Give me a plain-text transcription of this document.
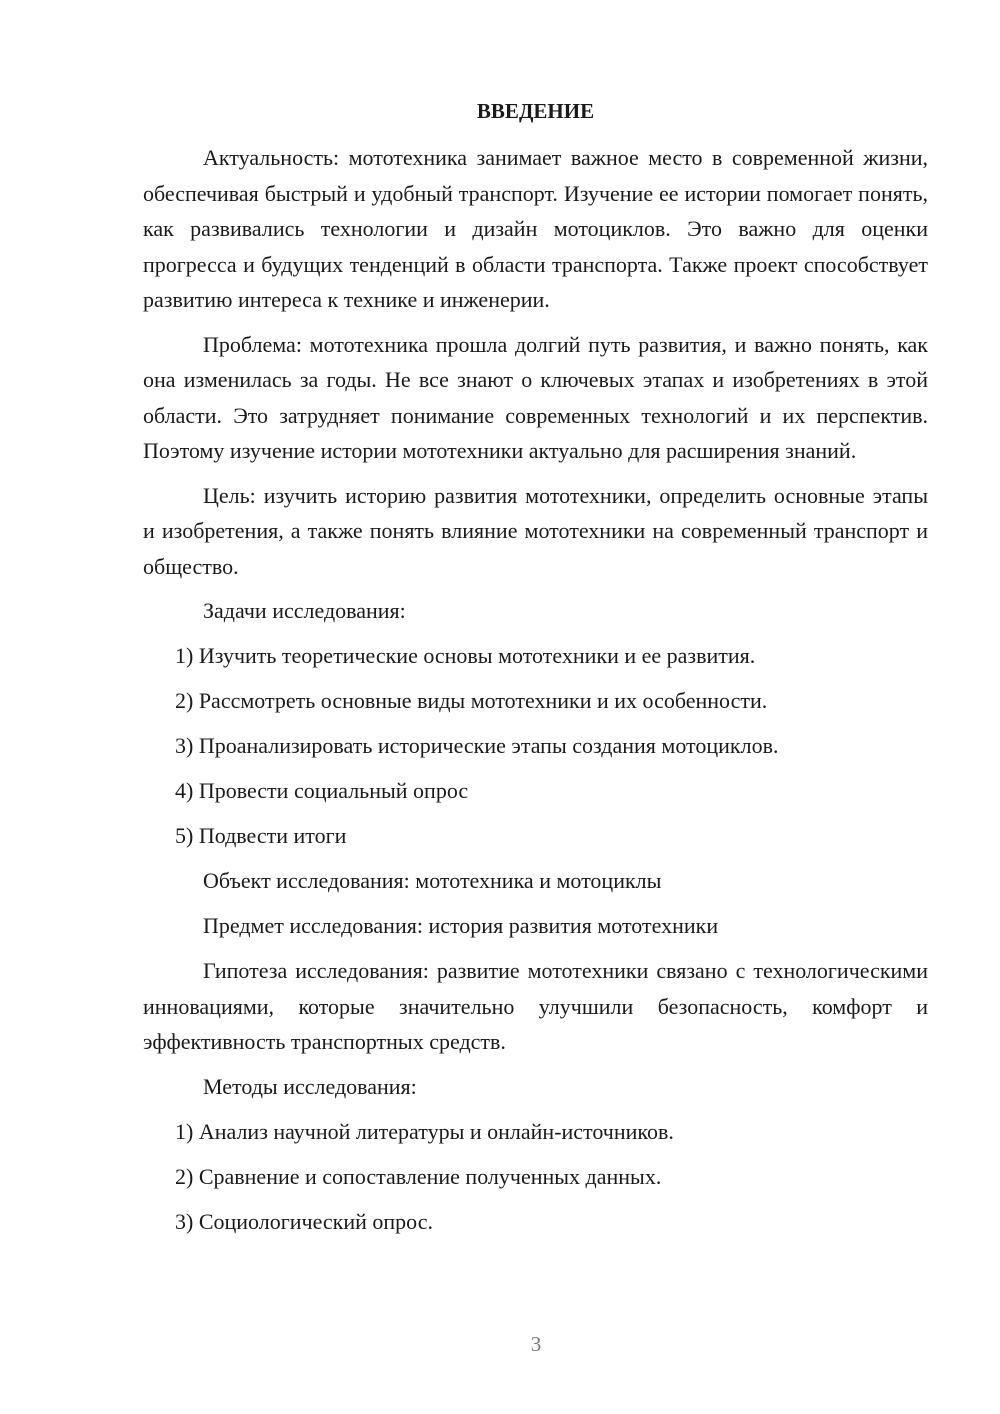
ВВЕДЕНИЕ

Актуальность: мототехника занимает важное место в современной жизни, обеспечивая быстрый и удобный транспорт. Изучение ее истории помогает понять, как развивались технологии и дизайн мотоциклов. Это важно для оценки прогресса и будущих тенденций в области транспорта. Также проект способствует развитию интереса к технике и инженерии.

Проблема: мототехника прошла долгий путь развития, и важно понять, как она изменилась за годы. Не все знают о ключевых этапах и изобретениях в этой области. Это затрудняет понимание современных технологий и их перспектив. Поэтому изучение истории мототехники актуально для расширения знаний.

Цель: изучить историю развития мототехники, определить основные этапы и изобретения, а также понять влияние мототехники на современный транспорт и общество.

Задачи исследования:
1) Изучить теоретические основы мототехники и ее развития.
2) Рассмотреть основные виды мототехники и их особенности.
3) Проанализировать исторические этапы создания мотоциклов.
4) Провести социальный опрос
5) Подвести итоги
Объект исследования: мототехника и мотоциклы
Предмет исследования: история развития мототехники

Гипотеза исследования: развитие мототехники связано с технологическими инновациями, которые значительно улучшили безопасность, комфорт и эффективность транспортных средств.

Методы исследования:
1) Анализ научной литературы и онлайн-источников.
2) Сравнение и сопоставление полученных данных.
3) Социологический опрос.
3
